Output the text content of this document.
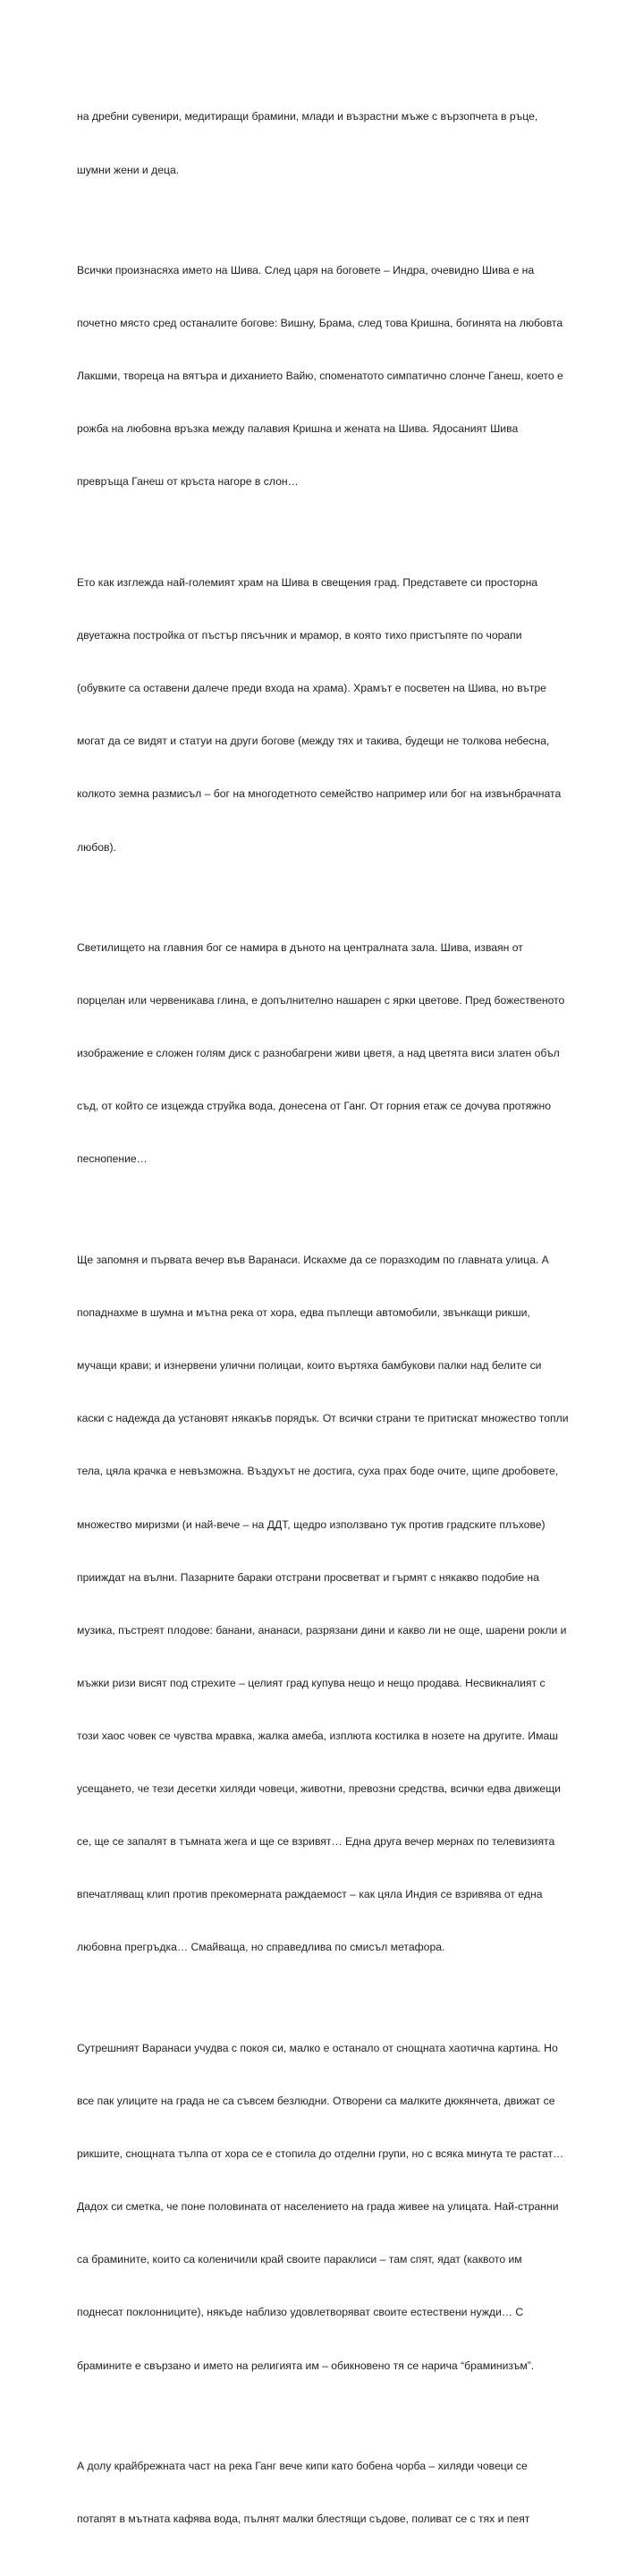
на дребни сувенири, медитиращи брамини, млади и възрастни мъже с вързопчета в ръце,

шумни жени и деца.

Всички произнасяха името на Шива. След царя на боговете – Индра, очевидно Шива е на

почетно място сред останалите богове: Вишну, Брама, след това Кришна, богинята на любовта

Лакшми, твореца на вятъра и диханието Вайю, споменатото симпатично слонче Ганеш, което е

рожба на любовна връзка между палавия Кришна и жената на Шива. Ядосаният Шива

превръща Ганеш от кръста нагоре в слон…

Ето как изглежда най-големият храм на Шива в свещения град. Представете си просторна

двуетажна постройка от пъстър пясъчник и мрамор, в която тихо пристъпяте по чорапи

(обувките са оставени далече преди входа на храма). Храмът е посветен на Шива, но вътре

могат да се видят и статуи на други богове (между тях и такива, будещи не толкова небесна,

колкото земна размисъл – бог на многодетното семейство например или бог на извънбрачната

любов).

Светилището на главния бог се намира в дъното на централната зала. Шива, изваян от

порцелан или червеникава глина, е допълнително нашарен с ярки цветове. Пред божественото

изображение е сложен голям диск с разнобагрени живи цветя, а над цветята виси златен объл

съд, от който се изцежда струйка вода, донесена от Ганг. От горния етаж се дочува протяжно

песнопение…

Ще запомня и първата вечер във Варанаси. Искахме да се поразходим по главната улица. А

попаднахме в шумна и мътна река от хора, едва пъплещи автомобили, звънкащи рикши,

мучащи крави; и изнервени улични полицаи, които въртяха бамбукови палки над белите си

каски с надежда да установят някакъв порядък. От всички страни те притискат множество топли

тела, цяла крачка е невъзможна. Въздухът не достига, суха прах боде очите, щипе дробовете,

множество миризми (и най-вече – на ДДТ, щедро използвано тук против градските плъхове)

прииждат на вълни. Пазарните бараки отстрани просветват и гърмят с някакво подобие на

музика, пъстреят плодове: банани, ананаси, разрязани дини и какво ли не още, шарени рокли и

мъжки ризи висят под стрехите – целият град купува нещо и нещо продава. Несвикналият с

този хаос човек се чувства мравка, жалка амеба, изплюта костилка в нозете на другите. Имаш

усещането, че тези десетки хиляди човеци, животни, превозни средства, всички едва движещи

се, ще се запалят в тъмната жега и ще се взривят… Една друга вечер мернах по телевизията

впечатляващ клип против прекомерната раждаемост – как цяла Индия се взривява от една

любовна прегръдка… Смайваща, но справедлива по смисъл метафора.

Сутрешният Варанаси учудва с покоя си, малко е останало от снощната хаотична картина. Но

все пак улиците на града не са съвсем безлюдни. Отворени са малките дюкянчета, движат се

рикшите, снощната тълпа от хора се е стопила до отделни групи, но с всяка минута те растат…

Дадох си сметка, че поне половината от населението на града живее на улицата. Най-странни

са брамините, които са коленичили край своите параклиси – там спят, ядат (каквото им

поднесат поклонниците), някъде наблизо удовлетворяват своите естествени нужди… С

брамините е свързано и името на религията им – обикновено тя се нарича “браминизъм”.

А долу крайбрежната част на река Ганг вече кипи като бобена чорба – хиляди човеци се

потапят в мътната кафява вода, пълнят малки блестящи съдове, поливат се с тях и пеят
